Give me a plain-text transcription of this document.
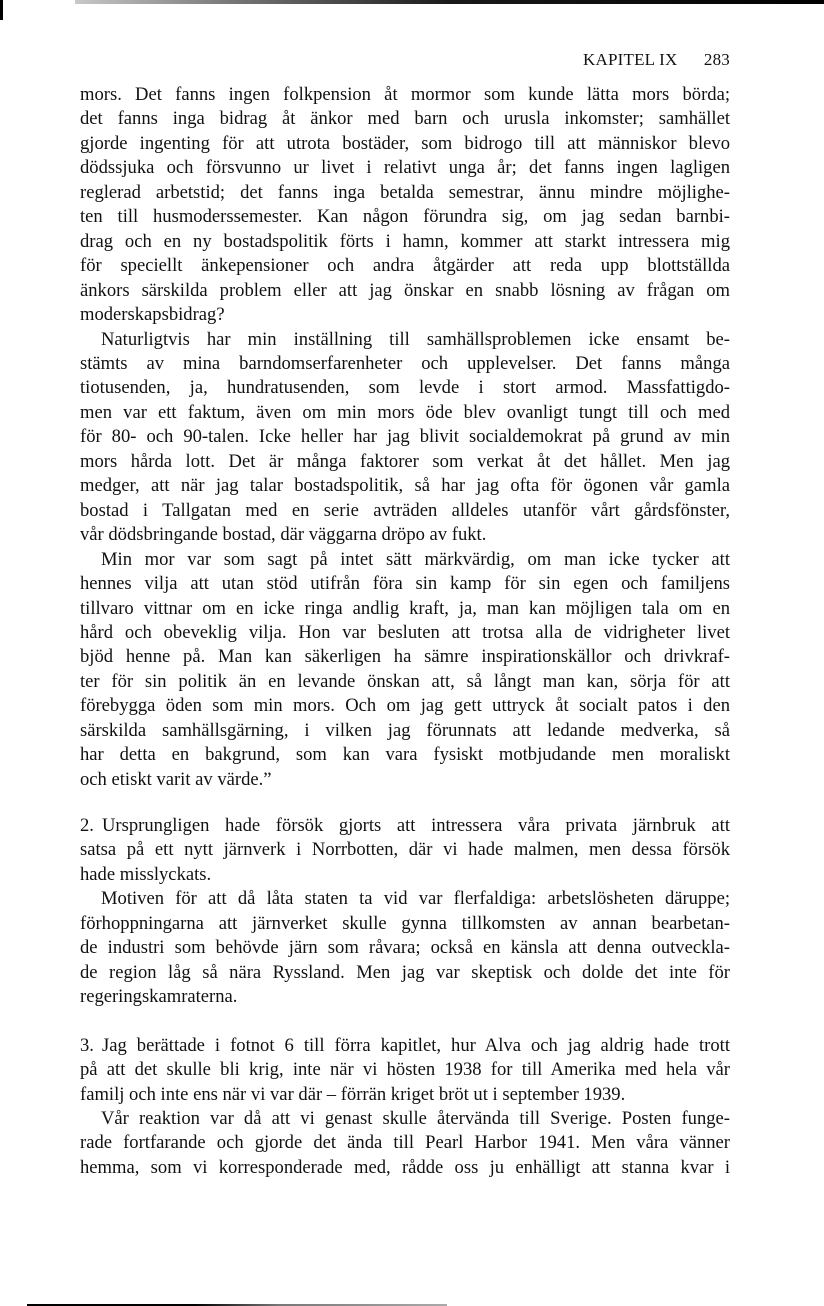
KAPITEL IX 283
mors. Det fanns ingen folkpension åt mormor som kunde lätta mors börda;
det fanns inga bidrag åt änkor med barn och urusla inkomster; samhället
gjorde ingenting för att utrota bostäder, som bidrogo till att människor blevo
dödssjuka och försvunno ur livet i relativt unga år; det fanns ingen lagligen
reglerad arbetstid; det fanns inga betalda semestrar, ännu mindre möjlighe-
ten till husmoderssemester. Kan någon förundra sig, om jag sedan barnbi-
drag och en ny bostadspolitik förts i hamn, kommer att starkt intressera mig
för speciellt änkepensioner och andra åtgärder att reda upp blottställda
änkors särskilda problem eller att jag önskar en snabb lösning av frågan om
moderskapsbidrag?
Naturligtvis har min inställning till samhällsproblemen icke ensamt be-
stämts av mina barndomserfarenheter och upplevelser. Det fanns många
tiotusenden, ja, hundratusenden, som levde i stort armod. Massfattigdo-
men var ett faktum, även om min mors öde blev ovanligt tungt till och med
för 80- och 90-talen. Icke heller har jag blivit socialdemokrat på grund av min
mors hårda lott. Det är många faktorer som verkat åt det hållet. Men jag
medger, att när jag talar bostadspolitik, så har jag ofta för ögonen vår gamla
bostad i Tallgatan med en serie avträden alldeles utanför vårt gårdsfönster,
vår dödsbringande bostad, där väggarna dröpo av fukt.
Min mor var som sagt på intet sätt märkvärdig, om man icke tycker att
hennes vilja att utan stöd utifrån föra sin kamp för sin egen och familjens
tillvaro vittnar om en icke ringa andlig kraft, ja, man kan möjligen tala om en
hård och obeveklig vilja. Hon var besluten att trotsa alla de vidrigheter livet
bjöd henne på. Man kan säkerligen ha sämre inspirationskällor och drivkraf-
ter för sin politik än en levande önskan att, så långt man kan, sörja för att
förebygga öden som min mors. Och om jag gett uttryck åt socialt patos i den
särskilda samhällsgärning, i vilken jag förunnats att ledande medverka, så
har detta en bakgrund, som kan vara fysiskt motbjudande men moraliskt
och etiskt varit av värde.”
2. Ursprungligen hade försök gjorts att intressera våra privata järnbruk att
satsa på ett nytt järnverk i Norrbotten, där vi hade malmen, men dessa försök
hade misslyckats.
Motiven för att då låta staten ta vid var flerfaldiga: arbetslösheten däruppe;
förhoppningarna att järnverket skulle gynna tillkomsten av annan bearbetan-
de industri som behövde järn som råvara; också en känsla att denna outveckla-
de region låg så nära Ryssland. Men jag var skeptisk och dolde det inte för
regeringskamraterna.
3. Jag berättade i fotnot 6 till förra kapitlet, hur Alva och jag aldrig hade trott
på att det skulle bli krig, inte när vi hösten 1938 for till Amerika med hela vår
familj och inte ens när vi var där – förrän kriget bröt ut i september 1939.
Vår reaktion var då att vi genast skulle återvända till Sverige. Posten funge-
rade fortfarande och gjorde det ända till Pearl Harbor 1941. Men våra vänner
hemma, som vi korresponderade med, rådde oss ju enhälligt att stanna kvar i
